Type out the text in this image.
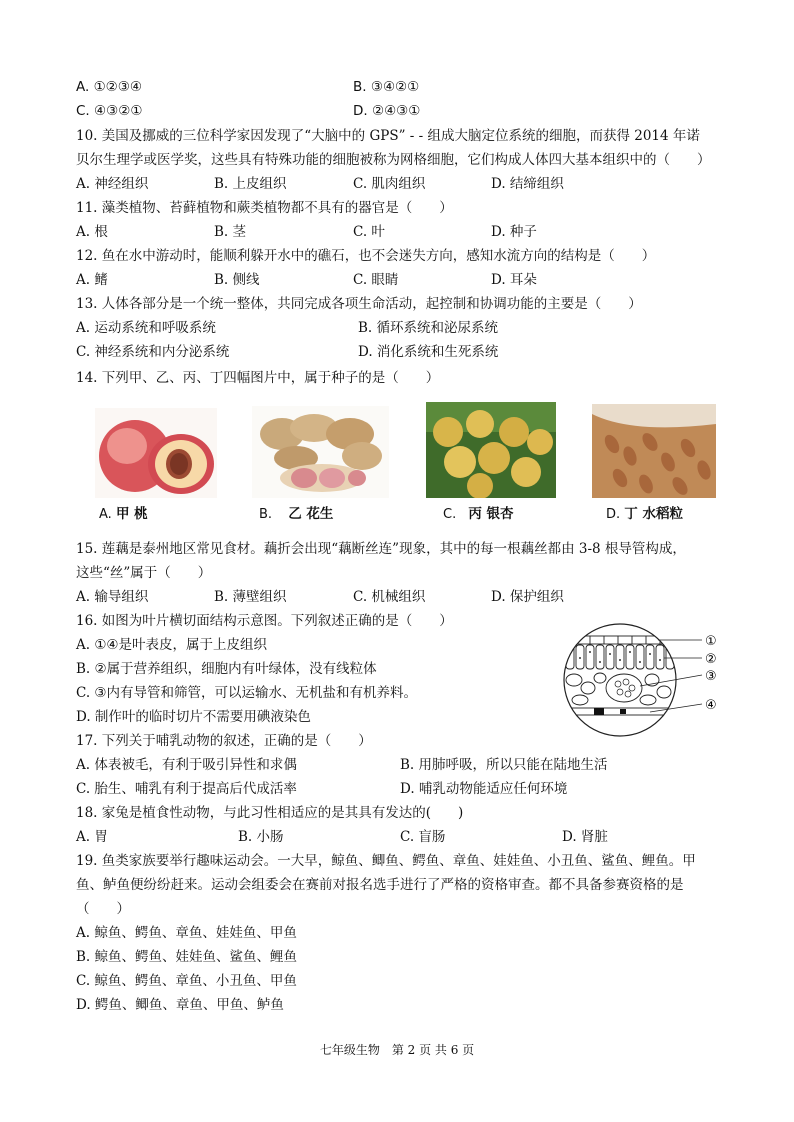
A. ①②③④	B. ③④②①
C. ④③②①	D. ②④③①
10. 美国及挪威的三位科学家因发现了“大脑中的 GPS” - - 组成大脑定位系统的细胞，而获得 2014 年诺
贝尔生理学或医学奖，这些具有特殊功能的细胞被称为网格细胞，它们构成人体四大基本组织中的（　　）
A. 神经组织	B. 上皮组织	C. 肌肉组织	D. 结缔组织
11. 藻类植物、苔藓植物和蕨类植物都不具有的器官是（　　）
A. 根	B. 茎	C. 叶	D. 种子
12. 鱼在水中游动时，能顺利躲开水中的礁石，也不会迷失方向，感知水流方向的结构是（　　）
A. 鳍	B. 侧线	C. 眼睛	D. 耳朵
13. 人体各部分是一个统一整体，共同完成各项生命活动，起控制和协调功能的主要是（　　）
A. 运动系统和呼吸系统	B. 循环系统和泌尿系统
C. 神经系统和内分泌系统	D. 消化系统和生死系统
14. 下列甲、乙、丙、丁四幅图片中，属于种子的是（　　）
A. 甲 桃	B. 乙 花生	C. 丙 银杏	D. 丁 水稻粒
15. 莲藕是泰州地区常见食材。藕折会出现“藕断丝连”现象，其中的每一根藕丝都由 3-8 根导管构成，
这些“丝”属于（　　）
A. 输导组织	B. 薄壁组织	C. 机械组织	D. 保护组织
16. 如图为叶片横切面结构示意图。下列叙述正确的是（　　）
A. ①④是叶表皮，属于上皮组织
B. ②属于营养组织，细胞内有叶绿体，没有线粒体
C. ③内有导管和筛管，可以运输水、无机盐和有机养料。
D. 制作叶的临时切片不需要用碘液染色
①
②
③
④
17. 下列关于哺乳动物的叙述，正确的是（　　）
A. 体表被毛，有利于吸引异性和求偶	B. 用肺呼吸，所以只能在陆地生活
C. 胎生、哺乳有利于提高后代成活率	D. 哺乳动物能适应任何环境
18. 家兔是植食性动物，与此习性相适应的是其具有发达的(　　)
A. 胃	B. 小肠	C. 盲肠	D. 肾脏
19. 鱼类家族要举行趣味运动会。一大早，鲸鱼、鲫鱼、鳄鱼、章鱼、娃娃鱼、小丑鱼、鲨鱼、鲤鱼。甲
鱼、鲈鱼便纷纷赶来。运动会组委会在赛前对报名选手进行了严格的资格审查。都不具备参赛资格的是
（　　）
A. 鲸鱼、鳄鱼、章鱼、娃娃鱼、甲鱼
B. 鲸鱼、鳄鱼、娃娃鱼、鲨鱼、鲤鱼
C. 鲸鱼、鳄鱼、章鱼、小丑鱼、甲鱼
D. 鳄鱼、鲫鱼、章鱼、甲鱼、鲈鱼
七年级生物　第 2 页 共 6 页
